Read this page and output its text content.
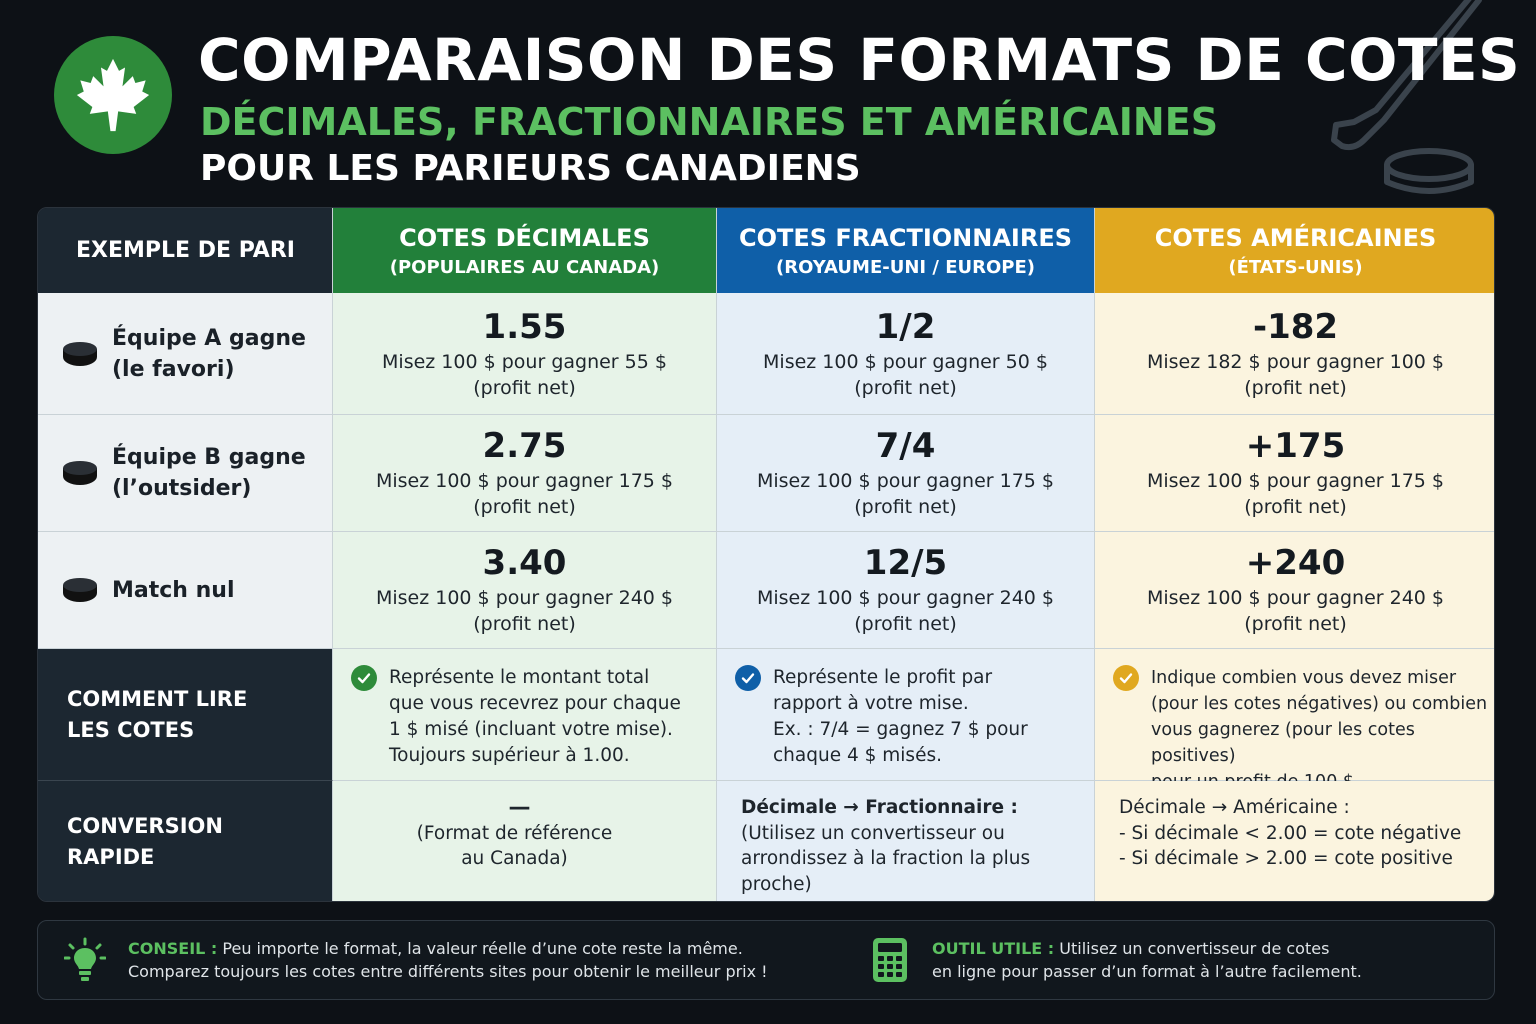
COMPARAISON DES FORMATS DE COTES
DÉCIMALES, FRACTIONNAIRES ET AMÉRICAINES
POUR LES PARIEURS CANADIENS
EXEMPLE DE PARI	COTES DÉCIMALES
(POPULAIRES AU CANADA)
COTES FRACTIONNAIRES
(ROYAUME-UNI / EUROPE)
COTES AMÉRICAINES
(ÉTATS-UNIS)
Équipe A gagne
(le favori)
1.55
Misez 100 $ pour gagner 55 $
(profit net)
1/2
Misez 100 $ pour gagner 50 $
(profit net)
-182
Misez 182 $ pour gagner 100 $
(profit net)
Équipe B gagne
(l’outsider)
2.75
Misez 100 $ pour gagner 175 $
(profit net)
7/4
Misez 100 $ pour gagner 175 $
(profit net)
+175
Misez 100 $ pour gagner 175 $
(profit net)
Match nul
3.40
Misez 100 $ pour gagner 240 $
(profit net)
12/5
Misez 100 $ pour gagner 240 $
(profit net)
+240
Misez 100 $ pour gagner 240 $
(profit net)
COMMENT LIRE
LES COTES
Représente le montant total
que vous recevrez pour chaque
1 $ misé (incluant votre mise).
Toujours supérieur à 1.00.
Représente le profit par
rapport à votre mise.
Ex. : 7/4 = gagnez 7 $ pour
chaque 4 $ misés.
Indique combien vous devez miser
(pour les cotes négatives) ou combien
vous gagnerez (pour les cotes positives)
CONVERSION
RAPIDE
—
(Format de référence
au Canada)
Décimale → Fractionnaire :
(Utilisez un convertisseur ou
arrondissez à la fraction la plus
proche)
Décimale → Américaine :
- Si décimale < 2.00 = cote négative
- Si décimale > 2.00 = cote positive
CONSEIL : Peu importe le format, la valeur réelle d’une cote reste la même.
Comparez toujours les cotes entre différents sites pour obtenir le meilleur prix !
OUTIL UTILE : Utilisez un convertisseur de cotes
en ligne pour passer d’un format à l’autre facilement.
